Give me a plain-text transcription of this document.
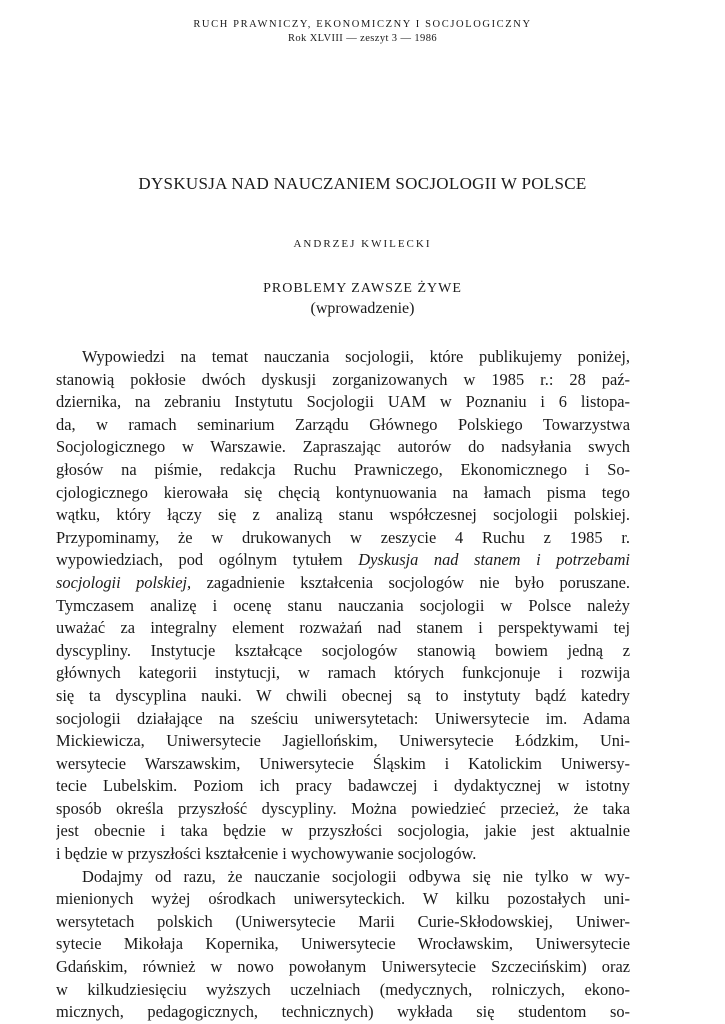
RUCH PRAWNICZY, EKONOMICZNY I SOCJOLOGICZNY
Rok XLVIII — zeszyt 3 — 1986
DYSKUSJA NAD NAUCZANIEM SOCJOLOGII W POLSCE
ANDRZEJ KWILECKI
PROBLEMY ZAWSZE ŻYWE
(wprowadzenie)
Wypowiedzi na temat nauczania socjologii, które publikujemy poniżej,
stanowią pokłosie dwóch dyskusji zorganizowanych w 1985 r.: 28 paź-
dziernika, na zebraniu Instytutu Socjologii UAM w Poznaniu i 6 listopa-
da, w ramach seminarium Zarządu Głównego Polskiego Towarzystwa
Socjologicznego w Warszawie. Zapraszając autorów do nadsyłania swych
głosów na piśmie, redakcja Ruchu Prawniczego, Ekonomicznego i So-
cjologicznego kierowała się chęcią kontynuowania na łamach pisma tego
wątku, który łączy się z analizą stanu współczesnej socjologii polskiej.
Przypominamy, że w drukowanych w zeszycie 4 Ruchu z 1985 r.
wypowiedziach, pod ogólnym tytułem Dyskusja nad stanem i potrzebami
socjologii polskiej, zagadnienie kształcenia socjologów nie było poruszane.
Tymczasem analizę i ocenę stanu nauczania socjologii w Polsce należy
uważać za integralny element rozważań nad stanem i perspektywami tej
dyscypliny. Instytucje kształcące socjologów stanowią bowiem jedną z
głównych kategorii instytucji, w ramach których funkcjonuje i rozwija
się ta dyscyplina nauki. W chwili obecnej są to instytuty bądź katedry
socjologii działające na sześciu uniwersytetach: Uniwersytecie im. Adama
Mickiewicza, Uniwersytecie Jagiellońskim, Uniwersytecie Łódzkim, Uni-
wersytecie Warszawskim, Uniwersytecie Śląskim i Katolickim Uniwersy-
tecie Lubelskim. Poziom ich pracy badawczej i dydaktycznej w istotny
sposób określa przyszłość dyscypliny. Można powiedzieć przecież, że taka
jest obecnie i taka będzie w przyszłości socjologia, jakie jest aktualnie
i będzie w przyszłości kształcenie i wychowywanie socjologów.
Dodajmy od razu, że nauczanie socjologii odbywa się nie tylko w wy-
mienionych wyżej ośrodkach uniwersyteckich. W kilku pozostałych uni-
wersytetach polskich (Uniwersytecie Marii Curie-Skłodowskiej, Uniwer-
sytecie Mikołaja Kopernika, Uniwersytecie Wrocławskim, Uniwersytecie
Gdańskim, również w nowo powołanym Uniwersytecie Szczecińskim) oraz
w kilkudziesięciu wyższych uczelniach (medycznych, rolniczych, ekono-
micznych, pedagogicznych, technicznych) wykłada się studentom so-
